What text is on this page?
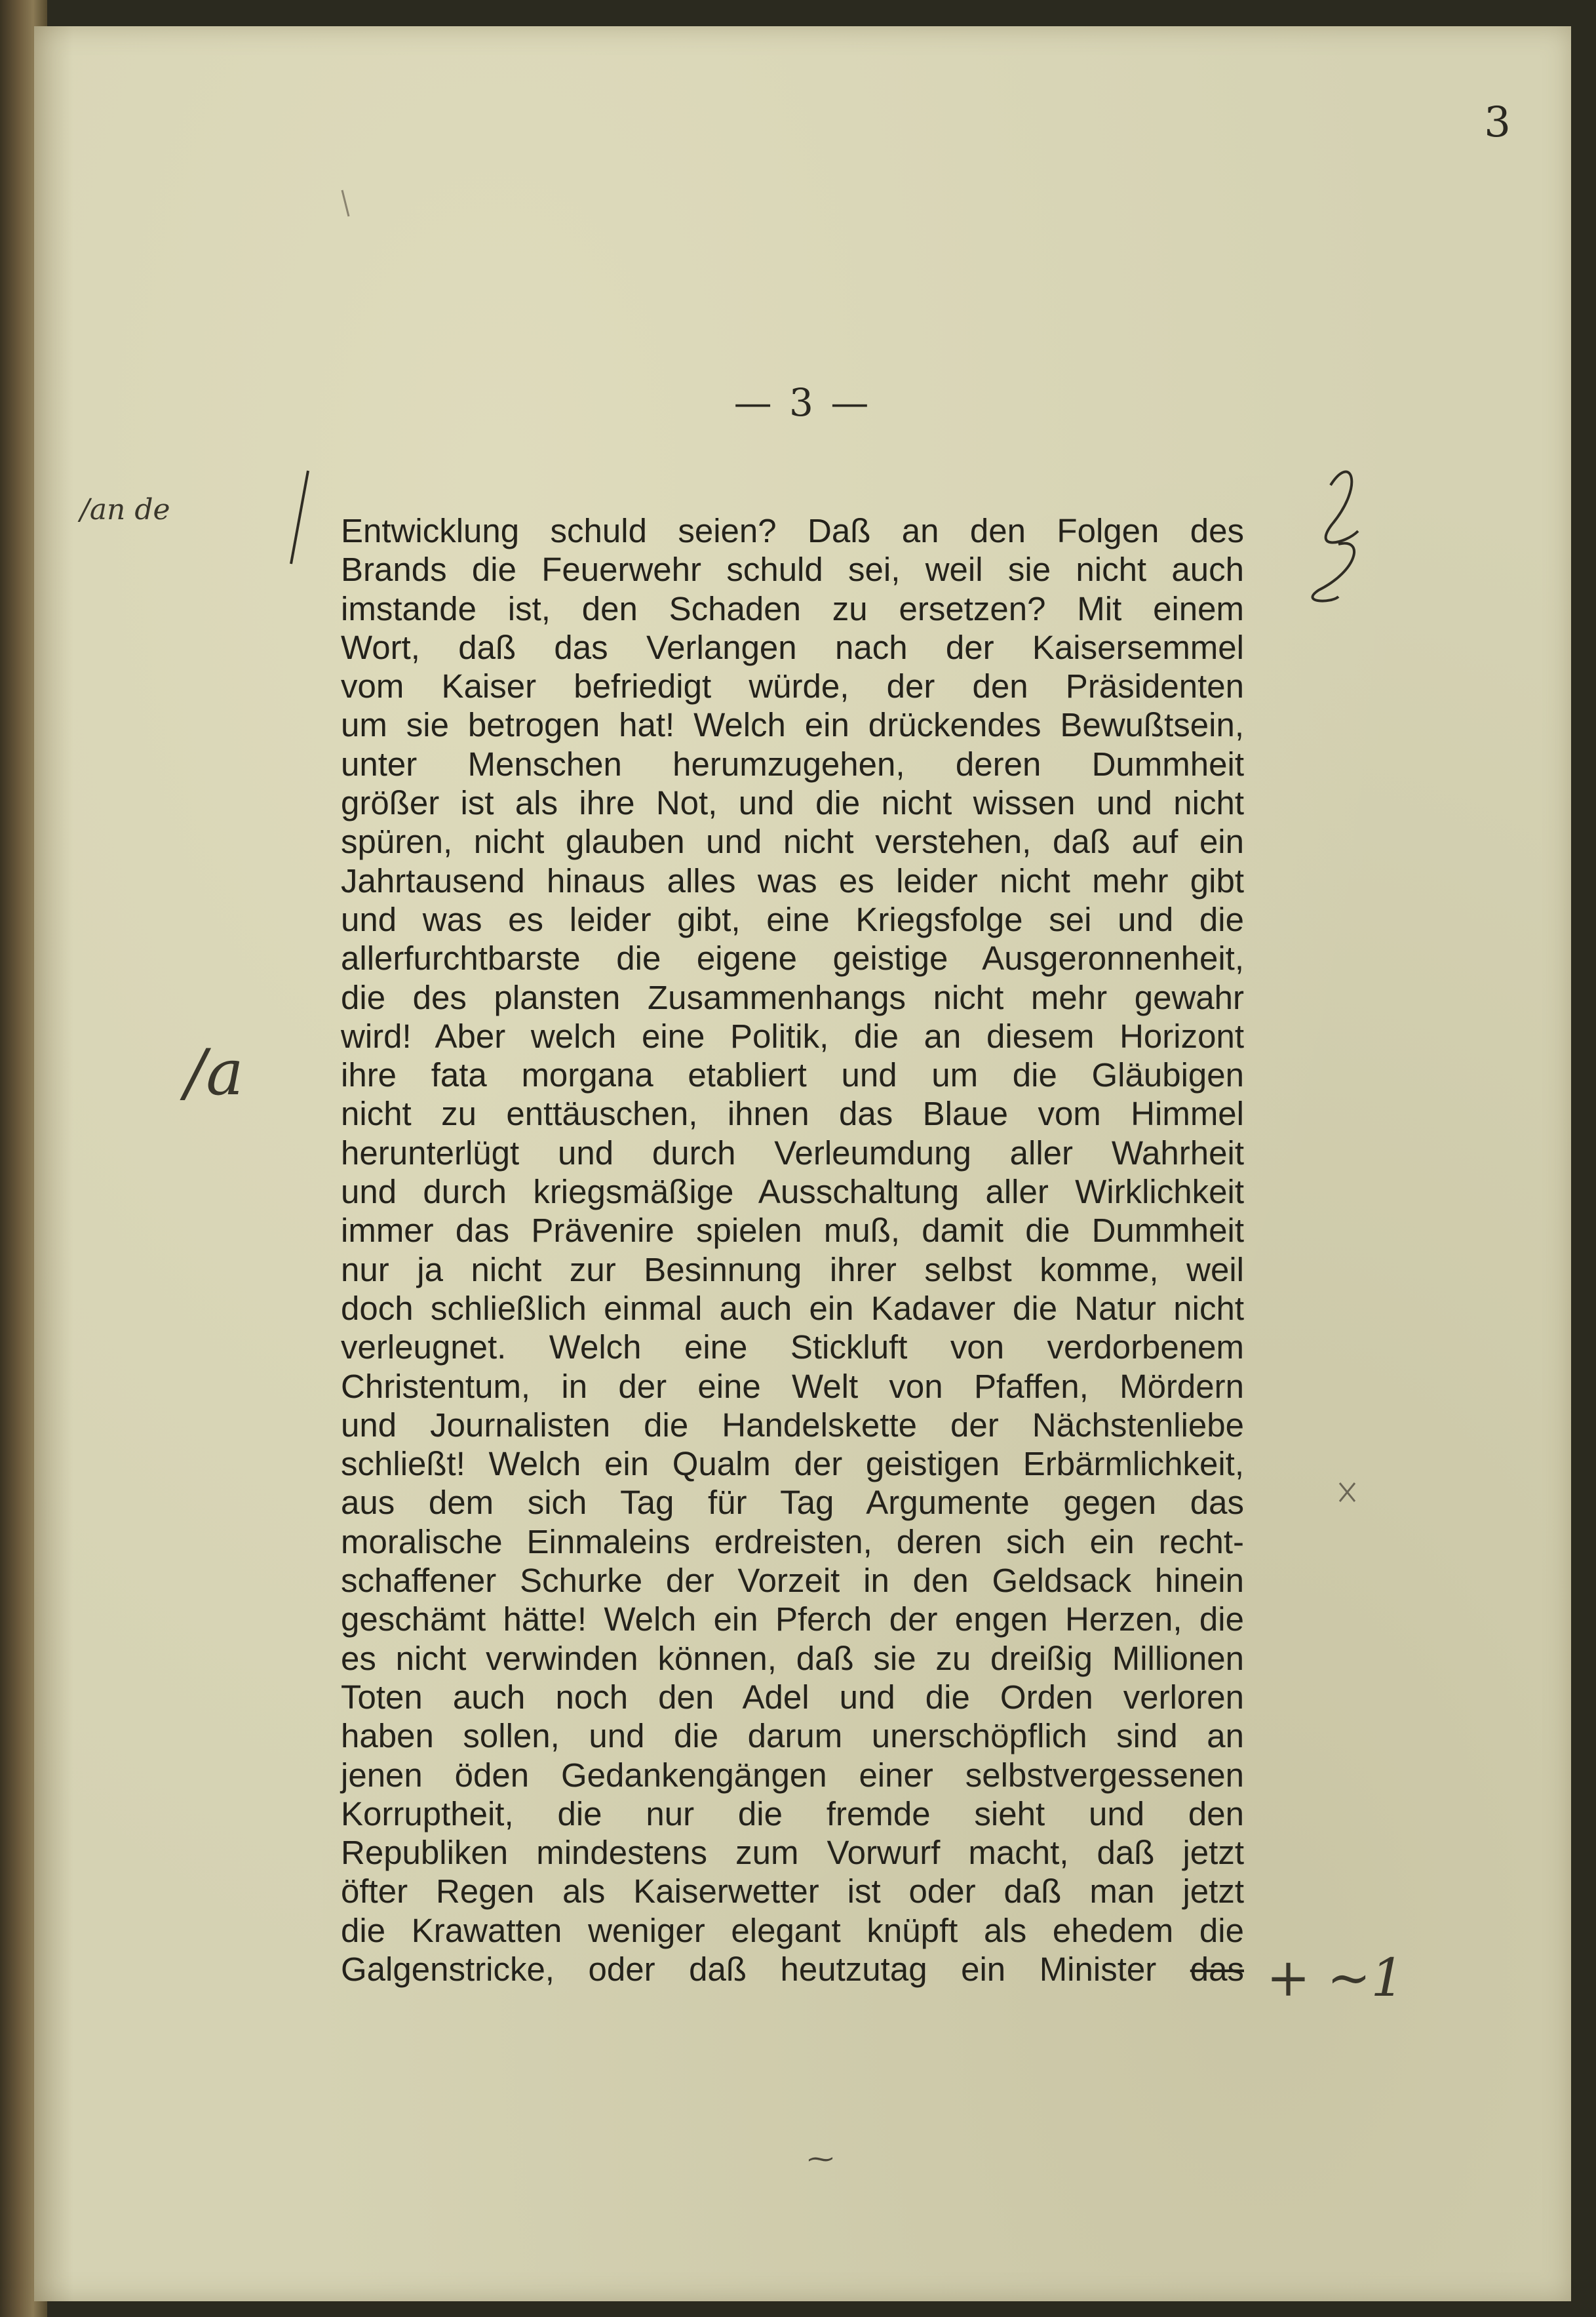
3
— 3 —
Entwicklung schuld seien? Daß an den Folgen des
Brands die Feuerwehr schuld sei, weil sie nicht auch
imstande ist, den Schaden zu ersetzen? Mit einem
Wort, daß das Verlangen nach der Kaisersemmel
vom Kaiser befriedigt würde, der den Präsidenten
um sie betrogen hat! Welch ein drückendes Bewußtsein,
unter Menschen herumzugehen, deren Dummheit
größer ist als ihre Not, und die nicht wissen und nicht
spüren, nicht glauben und nicht verstehen, daß auf ein
Jahrtausend hinaus alles was es leider nicht mehr gibt
und was es leider gibt, eine Kriegsfolge sei und die
allerfurchtbarste die eigene geistige Ausgeronnenheit,
die des plansten Zusammenhangs nicht mehr gewahr
wird! Aber welch eine Politik, die an diesem Horizont
ihre fata morgana etabliert und um die Gläubigen
nicht zu enttäuschen, ihnen das Blaue vom Himmel
herunterlügt und durch Verleumdung aller Wahrheit
und durch kriegsmäßige Ausschaltung aller Wirklichkeit
immer das Prävenire spielen muß, damit die Dummheit
nur ja nicht zur Besinnung ihrer selbst komme, weil
doch schließlich einmal auch ein Kadaver die Natur nicht
verleugnet. Welch eine Stickluft von verdorbenem
Christentum, in der eine Welt von Pfaffen, Mördern
und Journalisten die Handelskette der Nächstenliebe
schließt! Welch ein Qualm der geistigen Erbärmlichkeit,
aus dem sich Tag für Tag Argumente gegen das
moralische Einmaleins erdreisten, deren sich ein recht-
schaffener Schurke der Vorzeit in den Geldsack hinein
geschämt hätte! Welch ein Pferch der engen Herzen, die
es nicht verwinden können, daß sie zu dreißig Millionen
Toten auch noch den Adel und die Orden verloren
haben sollen, und die darum unerschöpflich sind an
jenen öden Gedankengängen einer selbstvergessenen
Korruptheit, die nur die fremde sieht und den
Republiken mindestens zum Vorwurf macht, daß jetzt
öfter Regen als Kaiserwetter ist oder daß man jetzt
die Krawatten weniger elegant knüpft als ehedem die
Galgenstricke, oder daß heutzutag ein Minister das
/an de
/a
+ ~1
⁓
